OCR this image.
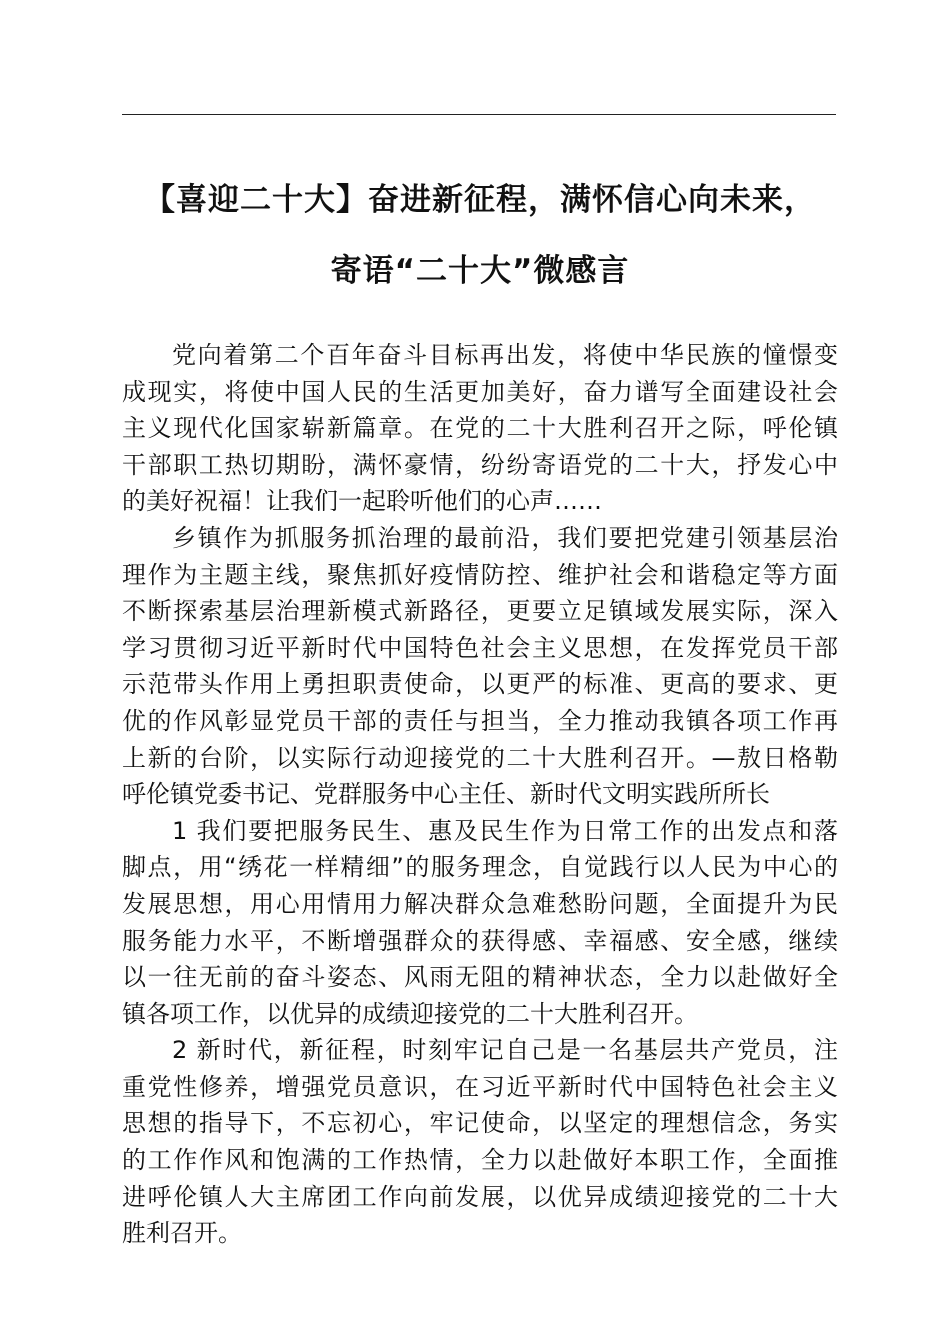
【喜迎二十大】奋进新征程，满怀信心向未来，
寄语“二十大”微感言

党向着第二个百年奋斗目标再出发，将使中华民族的憧憬变
成现实，将使中国人民的生活更加美好，奋力谱写全面建设社会
主义现代化国家崭新篇章。在党的二十大胜利召开之际，呼伦镇
干部职工热切期盼，满怀豪情，纷纷寄语党的二十大，抒发心中
的美好祝福！让我们一起聆听他们的心声……

乡镇作为抓服务抓治理的最前沿，我们要把党建引领基层治
理作为主题主线，聚焦抓好疫情防控、维护社会和谐稳定等方面
不断探索基层治理新模式新路径，更要立足镇域发展实际，深入
学习贯彻习近平新时代中国特色社会主义思想，在发挥党员干部
示范带头作用上勇担职责使命，以更严的标准、更高的要求、更
优的作风彰显党员干部的责任与担当，全力推动我镇各项工作再
上新的台阶，以实际行动迎接党的二十大胜利召开。—敖日格勒
呼伦镇党委书记、党群服务中心主任、新时代文明实践所所长

1 我们要把服务民生、惠及民生作为日常工作的出发点和落
脚点，用“绣花一样精细”的服务理念，自觉践行以人民为中心的
发展思想，用心用情用力解决群众急难愁盼问题，全面提升为民
服务能力水平，不断增强群众的获得感、幸福感、安全感，继续
以一往无前的奋斗姿态、风雨无阻的精神状态，全力以赴做好全
镇各项工作，以优异的成绩迎接党的二十大胜利召开。

2 新时代，新征程，时刻牢记自己是一名基层共产党员，注
重党性修养，增强党员意识，在习近平新时代中国特色社会主义
思想的指导下，不忘初心，牢记使命，以坚定的理想信念，务实
的工作作风和饱满的工作热情，全力以赴做好本职工作，全面推
进呼伦镇人大主席团工作向前发展，以优异成绩迎接党的二十大
胜利召开。
